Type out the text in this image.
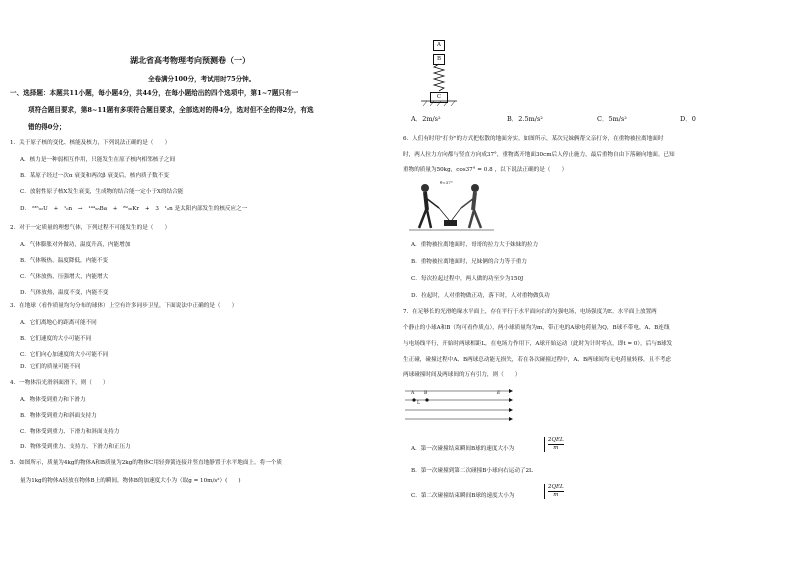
湖北省高考物理考向预测卷（一）
全卷满分100分，考试用时75分钟。
一、选择题：本题共11小题，每小题4分，共44分，在每小题给出的四个选项中，第1~7题只有一
项符合题目要求，第8~11题有多项符合题目要求，全部选对的得4分，选对但不全的得2分，有选
错的得0分；
1．关于原子核的变化、核能及核力，下列说法正确的是（　　）
A．核力是一种弱相互作用，只能发生在原子核内相邻核子之间
B．某原子经过一次α 衰变和两次β 衰变后，核内质子数不变
C．放射性原子核X发生衰变，生成物的结合能一定小于X的结合能
D． ²³⁵₉₂U + ¹₀n → ¹⁴⁴₅₆Ba + ⁸⁹₃₆Kr + 3 ¹₀n 是太阳内部发生的核反应之一
2．对于一定质量的理想气体，下列过程不可能发生的是（　　）
A．气体膨胀对外做功，温度升高，内能增加
B．气体吸热，温度降低，内能不变
C．气体放热，压强增大，内能增大
D．气体放热，温度不变，内能不变
3．在地球（看作质量均匀分布的球体）上空有许多同步卫星，下面说法中正确的是（　　）
A．它们离地心的距离可能不同
B．它们速度的大小可能不同
C．它们向心加速度的大小可能不同
D．它们的质量可能不同
4．一物体沿光滑斜面滑下，则（　　）
A．物体受到重力和下滑力
B．物体受到重力和斜面支持力
C．物体受到重力、下滑力和斜面支持力
D．物体受到重力、支持力、下滑力和正压力
5．如图所示，质量为4kg的物体A和B质量为2kg的物体C用轻弹簧连接并竖直地静置于水平地面上。将一个质
量为1kg的物体A轻放在物体B上的瞬间，物体B的加速度大小为（取g = 10m/s²）(　　)
A
B
C
A．2m/s²	B．2.5m/s²	C．5m/s²	D．0
6．人们有时用"打夯"的方式把松散的地面夯实。如图所示，某次兄妹俩帮父亲打夯，在重物被拉离地面时
时，两人拉力方向都与竖直方向成37°，重物离开地面30cm后人停止施力，最后重物自由下落砸向地面。已知
重物的质量为50kg，cos37° = 0.8 ，以下说法正确的是（　　）
θ=37°
A．重物被拉离地面时，哥哥的拉力大于妹妹的拉力
B．重物被拉离地面时，兄妹俩的合力等于重力
C．每次拉起过程中，两人做的功至少为150J
D．拉起时，人对重物做正功，落下时，人对重物做负功
7．在足够长的光滑绝缘水平面上，存在平行于水平面向右的匀强电场，电场强度为E。水平面上放置两
个静止的小球A和B（均可看作质点），两小球质量均为m，带正电的A球电荷量为Q，B球不带电，A、B连线
与电场线平行，开始时两球相距L，在电场力作用下，A球开始运动（此时为计时零点，即t = 0），后与B球发
生正碰，碰撞过程中A、B两球总动能无损失，若在各次碰撞过程中，A、B两球间均无电荷量转移，且不考虑
两球碰撞时间及两球间的万有引力，则（　　）
A B
L
E
A．第一次碰撞结束瞬间B球的速度大小为
2QEL
m
B．第一次碰撞到第二次碰撞B小球向右运动了2L
C．第二次碰撞结束瞬间B球的速度大小为
2QEL
m
